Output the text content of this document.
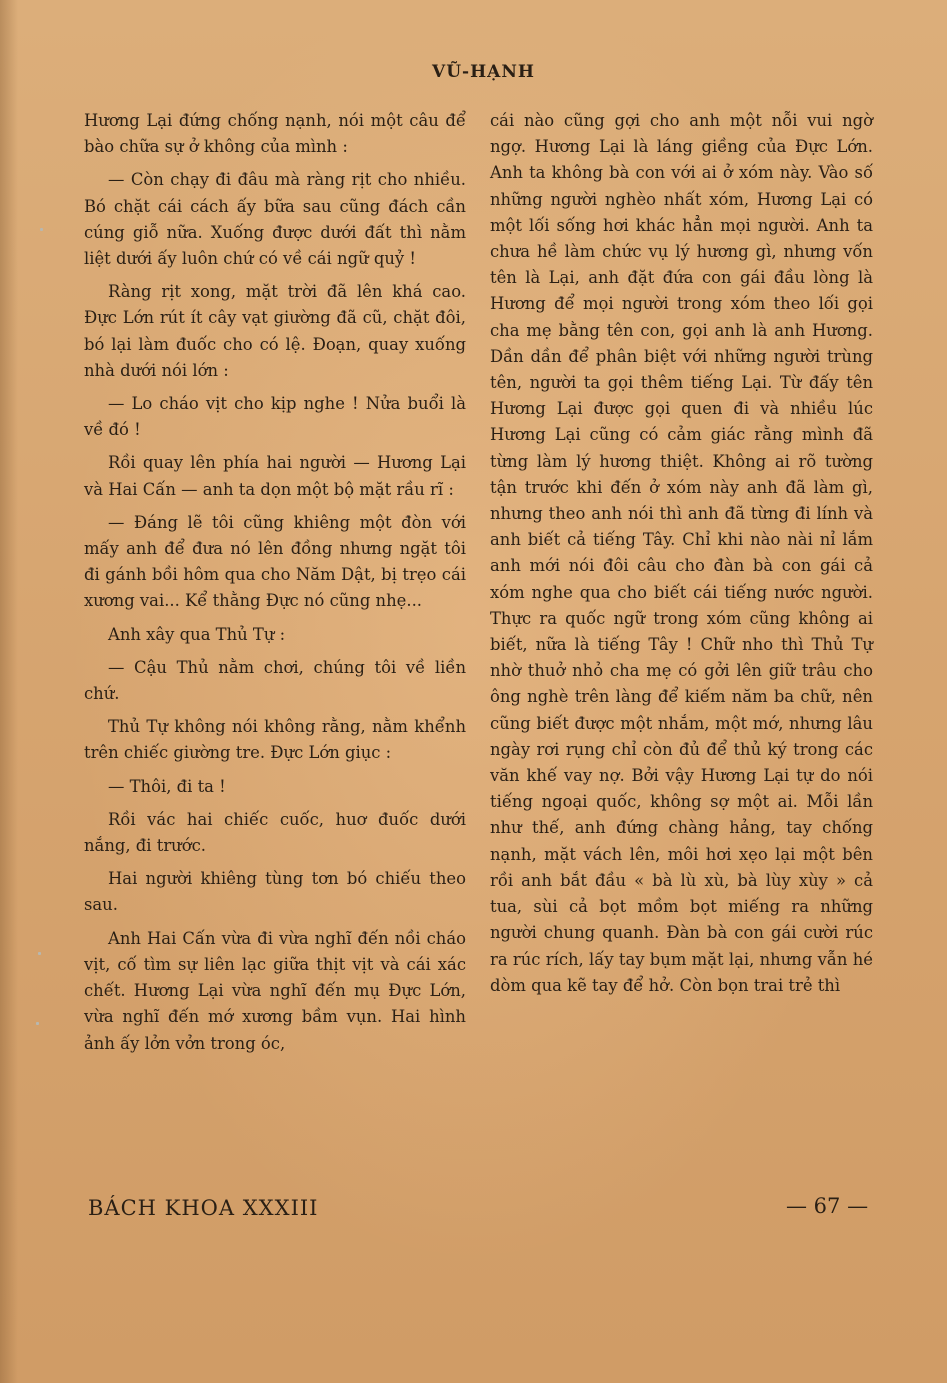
VŨ-HẠNH

Hương Lại đứng chống nạnh, nói một câu để bào chữa sự ở không của mình :

— Còn chạy đi đâu mà ràng rịt cho nhiều. Bó chặt cái cách ấy bữa sau cũng đách cần cúng giỗ nữa. Xuống được dưới đất thì nằm liệt dưới ấy luôn chứ có về cái ngữ quỷ !

Ràng rịt xong, mặt trời đã lên khá cao. Đực Lớn rút ít cây vạt giường đã cũ, chặt đôi, bó lại làm đuốc cho có lệ. Đoạn, quay xuống nhà dưới nói lớn :

— Lo cháo vịt cho kịp nghe ! Nửa buổi là về đó !

Rồi quay lên phía hai người — Hương Lại và Hai Cấn — anh ta dọn một bộ mặt rầu rĩ :

— Đáng lẽ tôi cũng khiêng một đòn với mấy anh để đưa nó lên đồng nhưng ngặt tôi đi gánh bồi hôm qua cho Năm Dật, bị trẹo cái xương vai... Kể thằng Đực nó cũng nhẹ...

Anh xây qua Thủ Tự :

— Cậu Thủ nằm chơi, chúng tôi về liền chứ.

Thủ Tự không nói không rằng, nằm khểnh trên chiếc giường tre. Đực Lớn giục :

— Thôi, đi ta !

Rồi vác hai chiếc cuốc, huơ đuốc dưới nắng, đi trước.

Hai người khiêng tùng tơn bó chiếu theo sau.

Anh Hai Cấn vừa đi vừa nghĩ đến nồi cháo vịt, cố tìm sự liên lạc giữa thịt vịt và cái xác chết. Hương Lại vừa nghĩ đến mụ Đực Lớn, vừa nghĩ đến mớ xương bầm vụn. Hai hình ảnh ấy lởn vởn trong óc,

cái nào cũng gợi cho anh một nỗi vui ngờ ngợ. Hương Lại là láng giềng của Đực Lớn. Anh ta không bà con với ai ở xóm này. Vào số những người nghèo nhất xóm, Hương Lại có một lối sống hơi khác hẳn mọi người. Anh ta chưa hề làm chức vụ lý hương gì, nhưng vốn tên là Lại, anh đặt đứa con gái đầu lòng là Hương để mọi người trong xóm theo lối gọi cha mẹ bằng tên con, gọi anh là anh Hương. Dần dần để phân biệt với những người trùng tên, người ta gọi thêm tiếng Lại. Từ đấy tên Hương Lại được gọi quen đi và nhiều lúc Hương Lại cũng có cảm giác rằng mình đã từng làm lý hương thiệt. Không ai rõ tường tận trước khi đến ở xóm này anh đã làm gì, nhưng theo anh nói thì anh đã từng đi lính và anh biết cả tiếng Tây. Chỉ khi nào nài nỉ lắm anh mới nói đôi câu cho đàn bà con gái cả xóm nghe qua cho biết cái tiếng nước người. Thực ra quốc ngữ trong xóm cũng không ai biết, nữa là tiếng Tây ! Chữ nho thì Thủ Tự nhờ thuở nhỏ cha mẹ có gởi lên giữ trâu cho ông nghè trên làng để kiếm năm ba chữ, nên cũng biết được một nhắm, một mớ, nhưng lâu ngày rơi rụng chỉ còn đủ để thủ ký trong các văn khế vay nợ. Bởi vậy Hương Lại tự do nói tiếng ngoại quốc, không sợ một ai. Mỗi lần như thế, anh đứng chàng hảng, tay chống nạnh, mặt vách lên, môi hơi xẹo lại một bên rồi anh bắt đầu « bà lù xù, bà lùy xùy » cả tua, sùi cả bọt mồm bọt miếng ra những người chung quanh. Đàn bà con gái cười rúc ra rúc rích, lấy tay bụm mặt lại, nhưng vẫn hé dòm qua kẽ tay để hở. Còn bọn trai trẻ thì

BÁCH KHOA XXXIII	— 67 —
